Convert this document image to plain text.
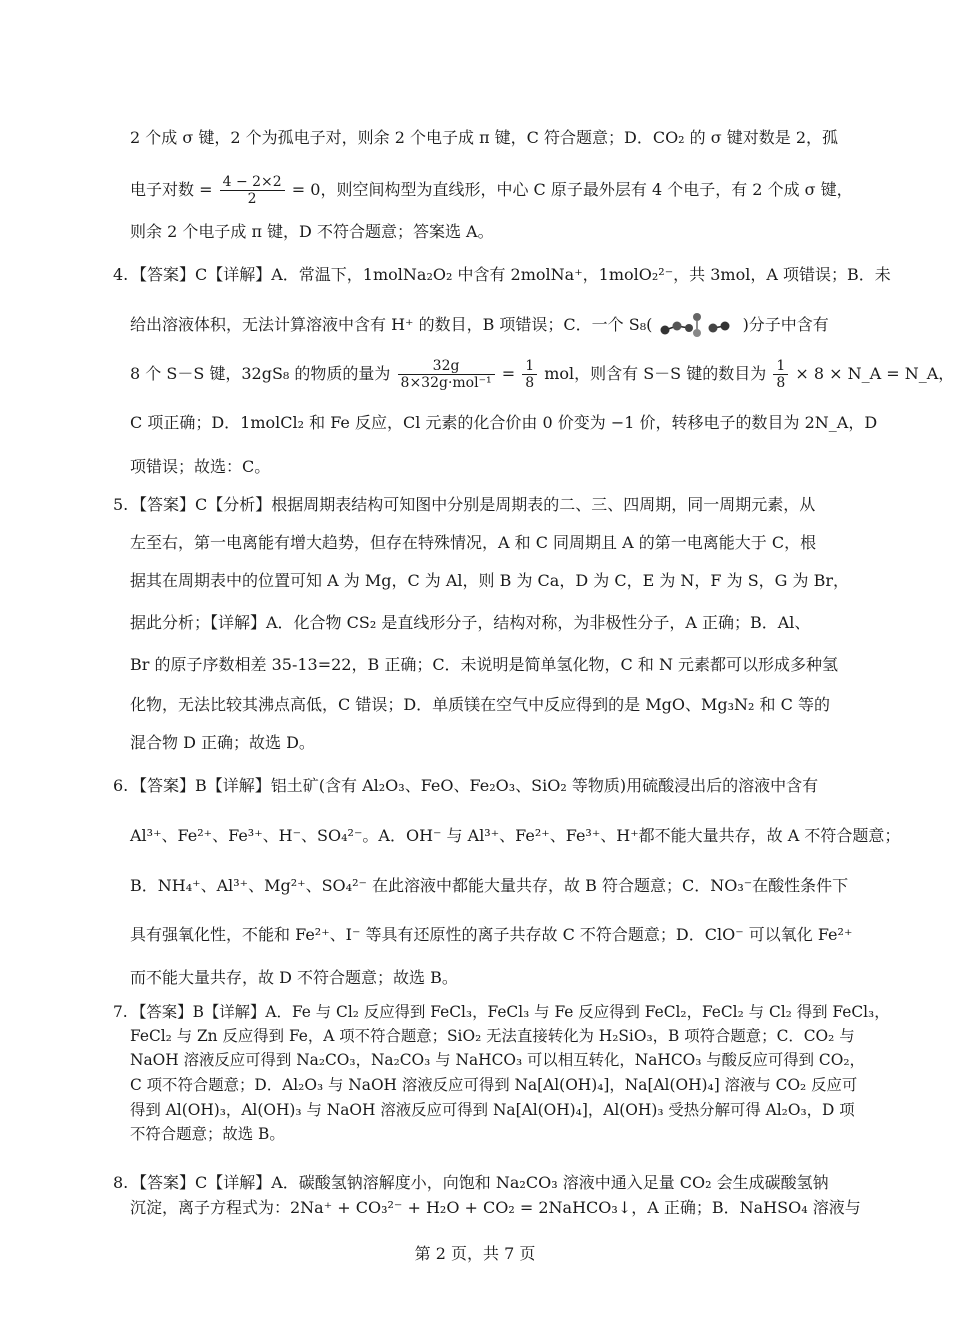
2 个成 σ 键，2 个为孤电子对，则余 2 个电子成 π 键，C 符合题意；D．CO₂ 的 σ 键对数是 2，孤
电子对数 = $\frac{4 - 2\times 2}{2} = 0$，则空间构型为直线形，中心 C 原子最外层有 4 个电子，有 2 个成 σ 键，
则余 2 个电子成 π 键，D 不符合题意；答案选 A。
4. 【答案】C【详解】A．常温下，1molNa₂O₂ 中含有 2molNa⁺，1molO₂²⁻，共 3mol，A 项错误；B．未
给出溶液体积，无法计算溶液中含有 H⁺ 的数目，B 项错误；C．一个 S₈(	)分子中含有
8 个 S－S 键，32gS₈ 的物质的量为 $\frac{32g}{\text{8×32g·mol⁻¹}} = \frac{1}{8}$ mol，则含有 S－S 键的数目为 $\frac{1}{8} \times 8$ × N_A = N_A，
C 项正确；D．1molCl₂ 和 Fe 反应，Cl 元素的化合价由 0 价变为 −1 价，转移电子的数目为 2N_A，D
项错误；故选：C。
5. 【答案】C【分析】根据周期表结构可知图中分别是周期表的二、三、四周期，同一周期元素，从
左至右，第一电离能有增大趋势，但存在特殊情况，A 和 C 同周期且 A 的第一电离能大于 C，根
据其在周期表中的位置可知 A 为 Mg，C 为 Al，则 B 为 Ca，D 为 C，E 为 N，F 为 S，G 为 Br，
据此分析；【详解】A．化合物 CS₂ 是直线形分子，结构对称，为非极性分子，A 正确；B．Al、
Br 的原子序数相差 35-13=22，B 正确；C．未说明是简单氢化物，C 和 N 元素都可以形成多种氢
化物，无法比较其沸点高低，C 错误；D．单质镁在空气中反应得到的是 MgO、Mg₃N₂ 和 C 等的
混合物 D 正确；故选 D。
6. 【答案】B【详解】铝土矿(含有 Al₂O₃、FeO、Fe₂O₃、SiO₂ 等物质)用硫酸浸出后的溶液中含有
Al³⁺、Fe²⁺、Fe³⁺、H⁻、SO₄²⁻。A．OH⁻ 与 Al³⁺、Fe²⁺、Fe³⁺、H⁺都不能大量共存，故 A 不符合题意；
B．NH₄⁺、Al³⁺、Mg²⁺、SO₄²⁻ 在此溶液中都能大量共存，故 B 符合题意；C．NO₃⁻在酸性条件下
具有强氧化性，不能和 Fe²⁺、I⁻ 等具有还原性的离子共存故 C 不符合题意；D．ClO⁻ 可以氧化 Fe²⁺
而不能大量共存，故 D 不符合题意；故选 B。
7. 【答案】B【详解】A．Fe 与 Cl₂ 反应得到 FeCl₃，FeCl₃ 与 Fe 反应得到 FeCl₂，FeCl₂ 与 Cl₂ 得到 FeCl₃，
FeCl₂ 与 Zn 反应得到 Fe，A 项不符合题意；SiO₂ 无法直接转化为 H₂SiO₃，B 项符合题意；C．CO₂ 与
NaOH 溶液反应可得到 Na₂CO₃，Na₂CO₃ 与 NaHCO₃ 可以相互转化，NaHCO₃ 与酸反应可得到 CO₂，
C 项不符合题意；D．Al₂O₃ 与 NaOH 溶液反应可得到 Na[Al(OH)₄]，Na[Al(OH)₄] 溶液与 CO₂ 反应可
得到 Al(OH)₃，Al(OH)₃ 与 NaOH 溶液反应可得到 Na[Al(OH)₄]，Al(OH)₃ 受热分解可得 Al₂O₃，D 项
不符合题意；故选 B。
8. 【答案】C【详解】A．碳酸氢钠溶解度小，向饱和 Na₂CO₃ 溶液中通入足量 CO₂ 会生成碳酸氢钠
沉淀，离子方程式为：2Na⁺ + CO₃²⁻ + H₂O + CO₂ = 2NaHCO₃↓，A 正确；B．NaHSO₄ 溶液与
第 2 页，共 7 页
